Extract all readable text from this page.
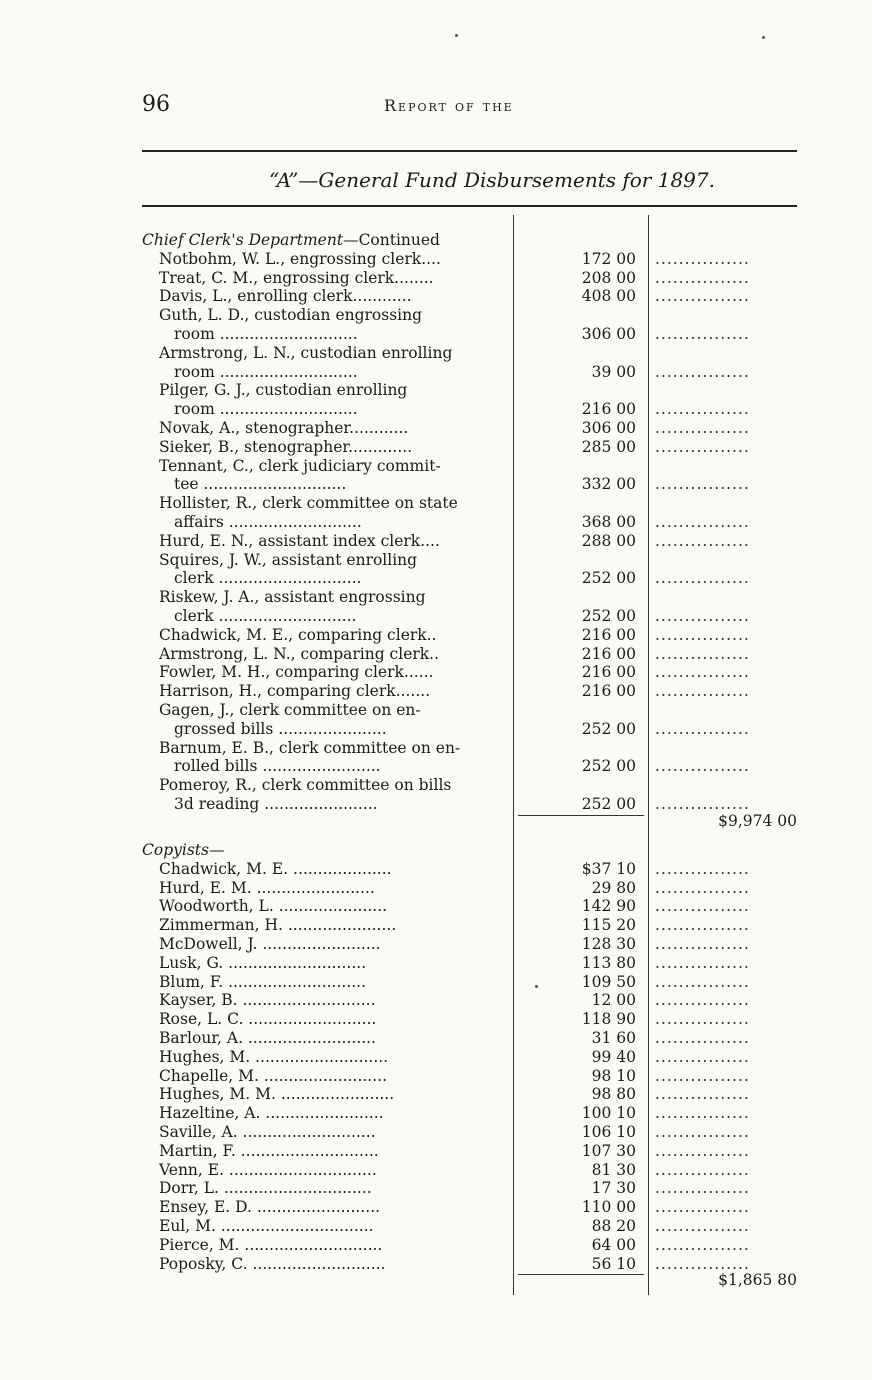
96	Report of the
“A”—General Fund Disbursements for 1897.
Chief Clerk's Department—Continued
Notbohm, W. L., engrossing clerk....	172 00 ................
Treat, C. M., engrossing clerk........	208 00 ................
Davis, L., enrolling clerk............	408 00 ................
Guth, L. D., custodian engrossing
room ............................	306 00 ................
Armstrong, L. N., custodian enrolling
room ............................	39 00 ................
Pilger, G. J., custodian enrolling
room ............................	216 00 ................
Novak, A., stenographer............	306 00 ................
Sieker, B., stenographer.............	285 00 ................
Tennant, C., clerk judiciary commit-
tee .............................	332 00 ................
Hollister, R., clerk committee on state
affairs ...........................	368 00 ................
Hurd, E. N., assistant index clerk....	288 00 ................
Squires, J. W., assistant enrolling
clerk .............................	252 00 ................
Riskew, J. A., assistant engrossing
clerk ............................	252 00 ................
Chadwick, M. E., comparing clerk..	216 00 ................
Armstrong, L. N., comparing clerk..	216 00 ................
Fowler, M. H., comparing clerk......	216 00 ................
Harrison, H., comparing clerk.......	216 00 ................
Gagen, J., clerk committee on en-
grossed bills ......................	252 00 ................
Barnum, E. B., clerk committee on en-
rolled bills ........................	252 00 ................
Pomeroy, R., clerk committee on bills
3d reading .......................	252 00 ................
$9,974 00
Copyists—
Chadwick, M. E. ....................	$37 10 ................
Hurd, E. M. ........................	29 80 ................
Woodworth, L. ......................	142 90 ................
Zimmerman, H. ......................	115 20 ................
McDowell, J. ........................	128 30 ................
Lusk, G. ............................	113 80 ................
Blum, F. ............................	109 50 ................
Kayser, B. ...........................	12 00 ................
Rose, L. C. ..........................	118 90 ................
Barlour, A. ..........................	31 60 ................
Hughes, M. ...........................	99 40 ................
Chapelle, M. .........................	98 10 ................
Hughes, M. M. .......................	98 80 ................
Hazeltine, A. ........................	100 10 ................
Saville, A. ...........................	106 10 ................
Martin, F. ............................	107 30 ................
Venn, E. ..............................	81 30 ................
Dorr, L. ..............................	17 30 ................
Ensey, E. D. .........................	110 00 ................
Eul, M. ...............................	88 20 ................
Pierce, M. ............................	64 00 ................
Poposky, C. ...........................	56 10 ................
$1,865 80
